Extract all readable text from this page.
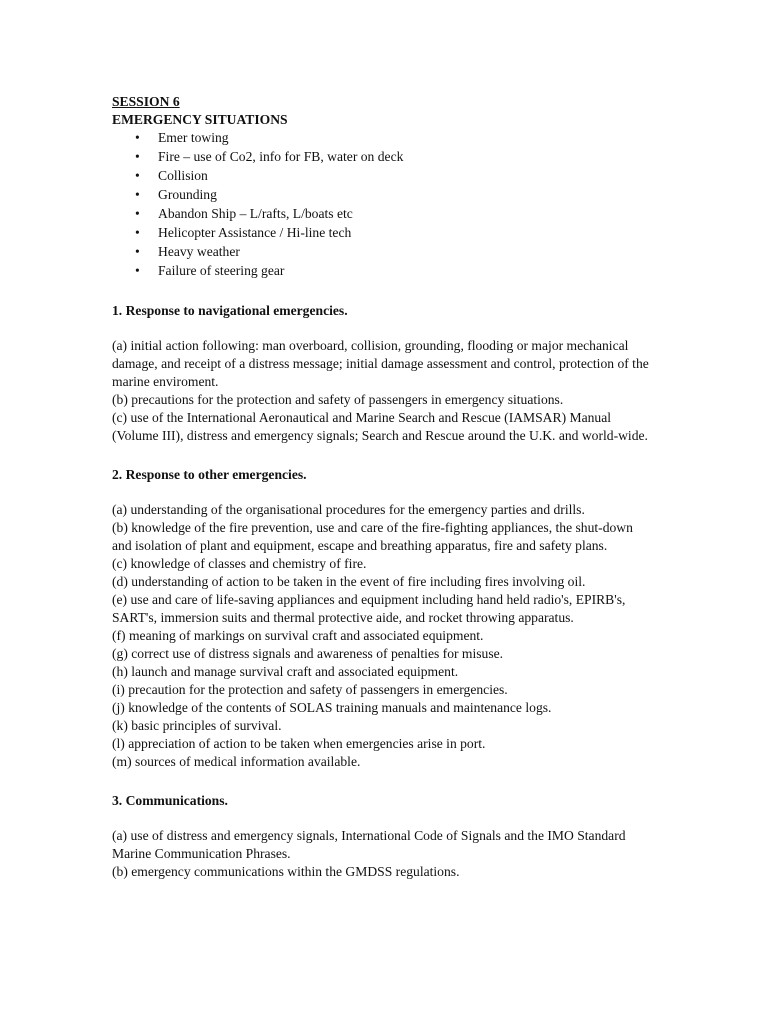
SESSION 6
EMERGENCY SITUATIONS
• Emer towing
• Fire – use of Co2, info for FB, water on deck
• Collision
• Grounding
• Abandon Ship – L/rafts, L/boats etc
• Helicopter Assistance / Hi-line tech
• Heavy weather
• Failure of steering gear
1. Response to navigational emergencies.

(a) initial action following: man overboard, collision, grounding, flooding or major mechanical damage, and receipt of a distress message; initial damage assessment and control, protection of the marine enviroment.

(b) precautions for the protection and safety of passengers in emergency situations.

(c) use of the International Aeronautical and Marine Search and Rescue (IAMSAR) Manual (Volume III), distress and emergency signals; Search and Rescue around the U.K. and world-wide.

2. Response to other emergencies.

(a) understanding of the organisational procedures for the emergency parties and drills.

(b) knowledge of the fire prevention, use and care of the fire-fighting appliances, the shut-down and isolation of plant and equipment, escape and breathing apparatus, fire and safety plans.

(c) knowledge of classes and chemistry of fire.

(d) understanding of action to be taken in the event of fire including fires involving oil.

(e) use and care of life-saving appliances and equipment including hand held radio's, EPIRB's, SART's, immersion suits and thermal protective aide, and rocket throwing apparatus.

(f) meaning of markings on survival craft and associated equipment.

(g) correct use of distress signals and awareness of penalties for misuse.

(h) launch and manage survival craft and associated equipment.

(i) precaution for the protection and safety of passengers in emergencies.

(j) knowledge of the contents of SOLAS training manuals and maintenance logs.

(k) basic principles of survival.

(l) appreciation of action to be taken when emergencies arise in port.

(m) sources of medical information available.

3. Communications.

(a) use of distress and emergency signals, International Code of Signals and the IMO Standard Marine Communication Phrases.

(b) emergency communications within the GMDSS regulations.
